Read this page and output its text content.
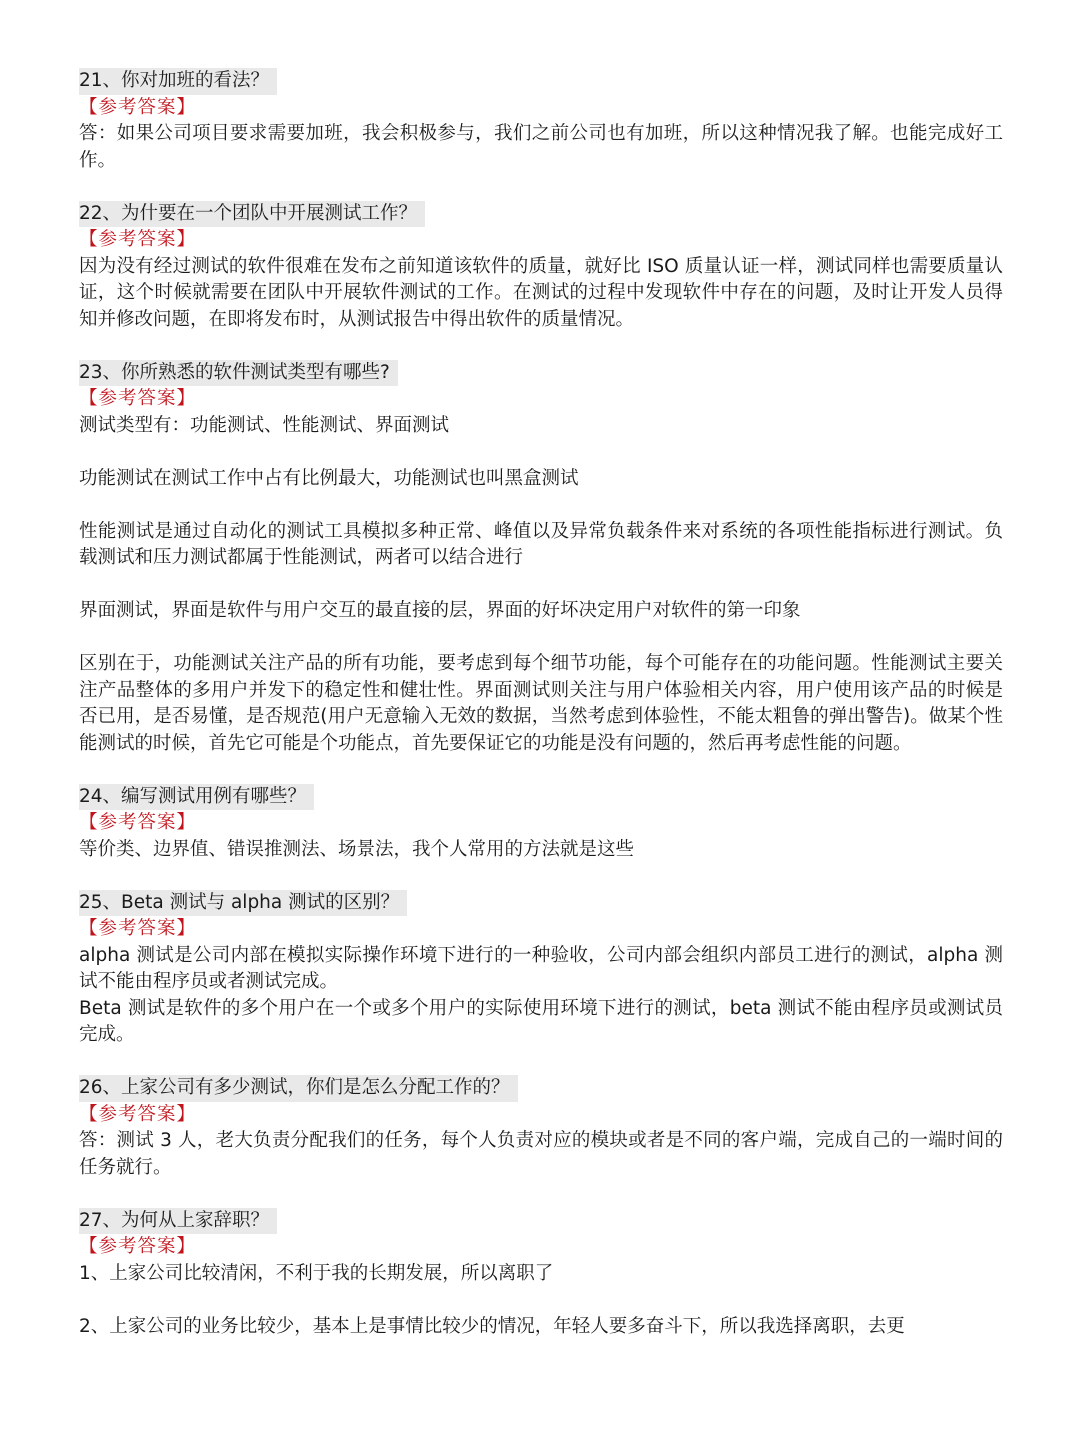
21、你对加班的看法？
【参考答案】

答：如果公司项目要求需要加班，我会积极参与，我们之前公司也有加班，所以这种情况我了解。也能完成好工作。

22、为什要在一个团队中开展测试工作？
【参考答案】

因为没有经过测试的软件很难在发布之前知道该软件的质量，就好比 ISO 质量认证一样，测试同样也需要质量认证，这个时候就需要在团队中开展软件测试的工作。在测试的过程中发现软件中存在的问题，及时让开发人员得知并修改问题，在即将发布时，从测试报告中得出软件的质量情况。

23、你所熟悉的软件测试类型有哪些?
【参考答案】

测试类型有：功能测试、性能测试、界面测试

功能测试在测试工作中占有比例最大，功能测试也叫黑盒测试

性能测试是通过自动化的测试工具模拟多种正常、峰值以及异常负载条件来对系统的各项性能指标进行测试。负载测试和压力测试都属于性能测试，两者可以结合进行

界面测试，界面是软件与用户交互的最直接的层，界面的好坏决定用户对软件的第一印象

区别在于，功能测试关注产品的所有功能，要考虑到每个细节功能，每个可能存在的功能问题。性能测试主要关注产品整体的多用户并发下的稳定性和健壮性。界面测试则关注与用户体验相关内容，用户使用该产品的时候是否已用，是否易懂，是否规范(用户无意输入无效的数据，当然考虑到体验性，不能太粗鲁的弹出警告)。做某个性能测试的时候，首先它可能是个功能点，首先要保证它的功能是没有问题的，然后再考虑性能的问题。

24、编写测试用例有哪些？
【参考答案】

等价类、边界值、错误推测法、场景法，我个人常用的方法就是这些

25、Beta 测试与 alpha 测试的区别？
【参考答案】

alpha 测试是公司内部在模拟实际操作环境下进行的一种验收，公司内部会组织内部员工进行的测试，alpha 测试不能由程序员或者测试完成。

Beta 测试是软件的多个用户在一个或多个用户的实际使用环境下进行的测试，beta 测试不能由程序员或测试员完成。

26、上家公司有多少测试，你们是怎么分配工作的？
【参考答案】

答：测试 3 人，老大负责分配我们的任务，每个人负责对应的模块或者是不同的客户端，完成自己的一端时间的任务就行。

27、为何从上家辞职？
【参考答案】

1、上家公司比较清闲，不利于我的长期发展，所以离职了

2、上家公司的业务比较少，基本上是事情比较少的情况，年轻人要多奋斗下，所以我选择离职，去更
